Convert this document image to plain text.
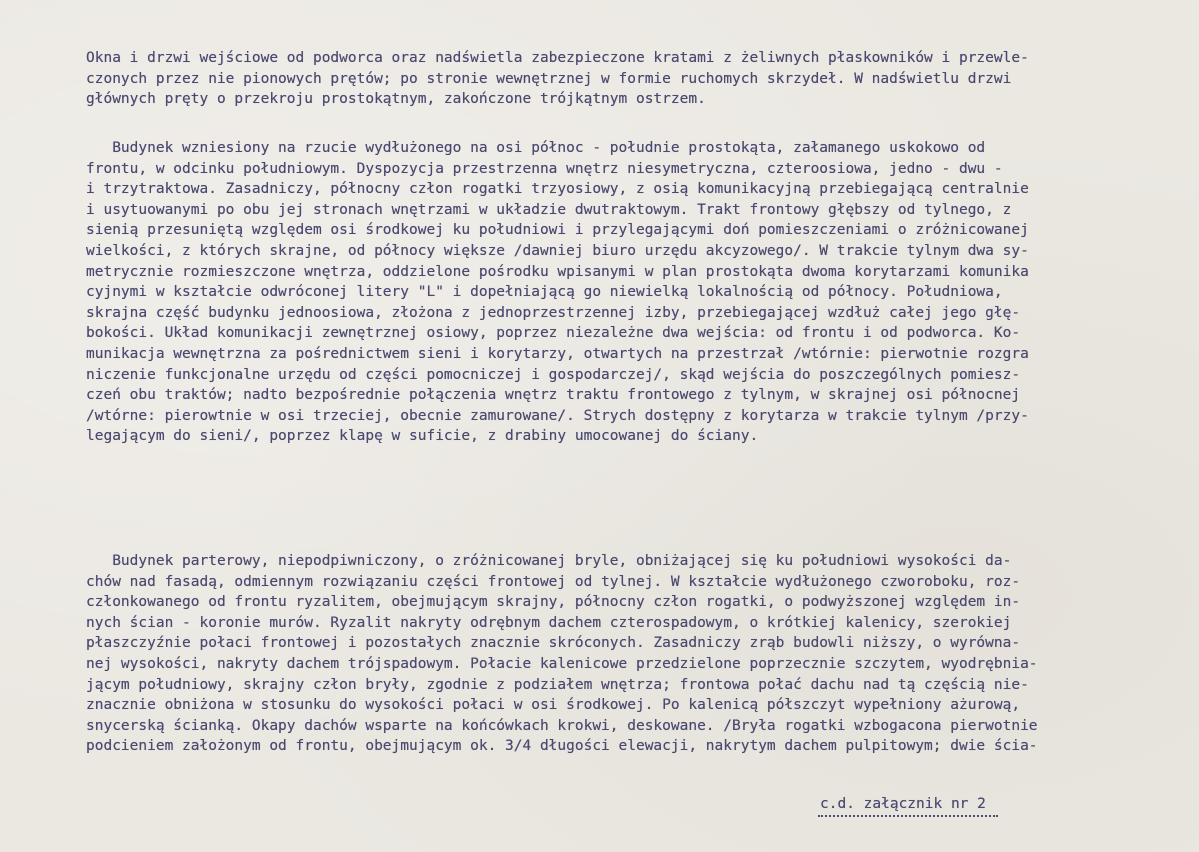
Okna i drzwi wejściowe od podworca oraz nadświetla zabezpieczone kratami z żeliwnych płaskowników i przewle-
czonych przez nie pionowych prętów; po stronie wewnętrznej w formie ruchomych skrzydeł. W nadświetlu drzwi
głównych pręty o przekroju prostokątnym, zakończone trójkątnym ostrzem.
Budynek wzniesiony na rzucie wydłużonego na osi północ - południe prostokąta, załamanego uskokowo od
frontu, w odcinku południowym. Dyspozycja przestrzenna wnętrz niesymetryczna, czteroosiowa, jedno - dwu -
i trzytraktowa. Zasadniczy, północny człon rogatki trzyosiowy, z osią komunikacyjną przebiegającą centralnie
i usytuowanymi po obu jej stronach wnętrzami w układzie dwutraktowym. Trakt frontowy głębszy od tylnego, z
sienią przesuniętą względem osi środkowej ku południowi i przylegającymi doń pomieszczeniami o zróżnicowanej
wielkości, z których skrajne, od północy większe /dawniej biuro urzędu akcyzowego/. W trakcie tylnym dwa sy-
metrycznie rozmieszczone wnętrza, oddzielone pośrodku wpisanymi w plan prostokąta dwoma korytarzami komunika
cyjnymi w kształcie odwróconej litery "L" i dopełniającą go niewielką lokalnością od północy. Południowa,
skrajna część budynku jednoosiowa, złożona z jednoprzestrzennej izby, przebiegającej wzdłuż całej jego głę-
bokości. Układ komunikacji zewnętrznej osiowy, poprzez niezależne dwa wejścia: od frontu i od podworca. Ko-
munikacja wewnętrzna za pośrednictwem sieni i korytarzy, otwartych na przestrzał /wtórnie: pierwotnie rozgra
niczenie funkcjonalne urzędu od części pomocniczej i gospodarczej/, skąd wejścia do poszczególnych pomiesz-
czeń obu traktów; nadto bezpośrednie połączenia wnętrz traktu frontowego z tylnym, w skrajnej osi północnej
/wtórne: pierowtnie w osi trzeciej, obecnie zamurowane/. Strych dostępny z korytarza w trakcie tylnym /przy-
legającym do sieni/, poprzez klapę w suficie, z drabiny umocowanej do ściany.
Budynek parterowy, niepodpiwniczony, o zróżnicowanej bryle, obniżającej się ku południowi wysokości da-
chów nad fasadą, odmiennym rozwiązaniu części frontowej od tylnej. W kształcie wydłużonego czworoboku, roz-
członkowanego od frontu ryzalitem, obejmującym skrajny, północny człon rogatki, o podwyższonej względem in-
nych ścian - koronie murów. Ryzalit nakryty odrębnym dachem czterospadowym, o krótkiej kalenicy, szerokiej
płaszczyźnie połaci frontowej i pozostałych znacznie skróconych. Zasadniczy zrąb budowli niższy, o wyrówna-
nej wysokości, nakryty dachem trójspadowym. Połacie kalenicowe przedzielone poprzecznie szczytem, wyodrębnia-
jącym południowy, skrajny człon bryły, zgodnie z podziałem wnętrza; frontowa połać dachu nad tą częścią nie-
znacznie obniżona w stosunku do wysokości połaci w osi środkowej. Po kalenicą półszczyt wypełniony ażurową,
snycerską ścianką. Okapy dachów wsparte na końcówkach krokwi, deskowane. /Bryła rogatki wzbogacona pierwotnie
podcieniem założonym od frontu, obejmującym ok. 3/4 długości elewacji, nakrytym dachem pulpitowym; dwie ścia-
c.d. załącznik nr 2
